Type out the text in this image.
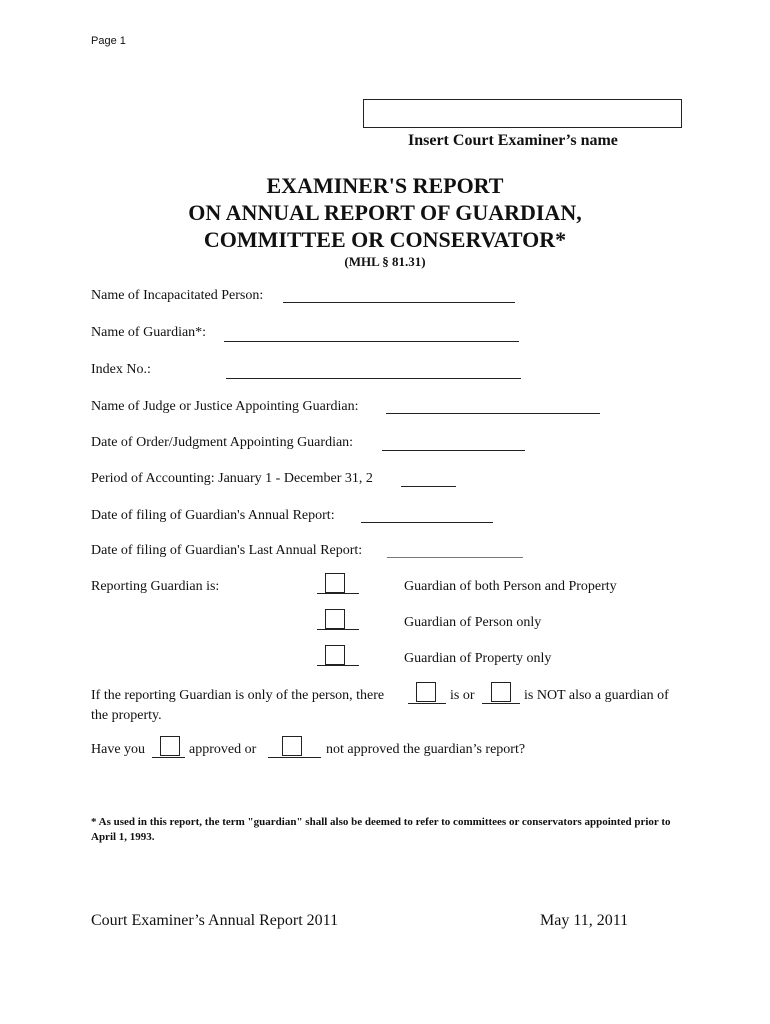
Page 1
Insert Court Examiner’s name
EXAMINER'S REPORT
ON ANNUAL REPORT OF GUARDIAN,
COMMITTEE OR CONSERVATOR*
(MHL § 81.31)
Name of Incapacitated Person:
Name of Guardian*:
Index No.:
Name of Judge or Justice Appointing Guardian:
Date of Order/Judgment Appointing Guardian:
Period of Accounting: January 1 - December 31, 2
Date of filing of Guardian's Annual Report:
Date of filing of Guardian's Last Annual Report:
Reporting Guardian is:	Guardian of both Person and Property
Guardian of Person only
Guardian of Property only
If the reporting Guardian is only of the person, there	is or	is NOT also a guardian of
the property.
Have you	approved or	not approved the guardian’s report?
* As used in this report, the term "guardian" shall also be deemed to refer to committees or conservators appointed prior to April 1, 1993.
Court Examiner’s Annual Report 2011	May 11, 2011
